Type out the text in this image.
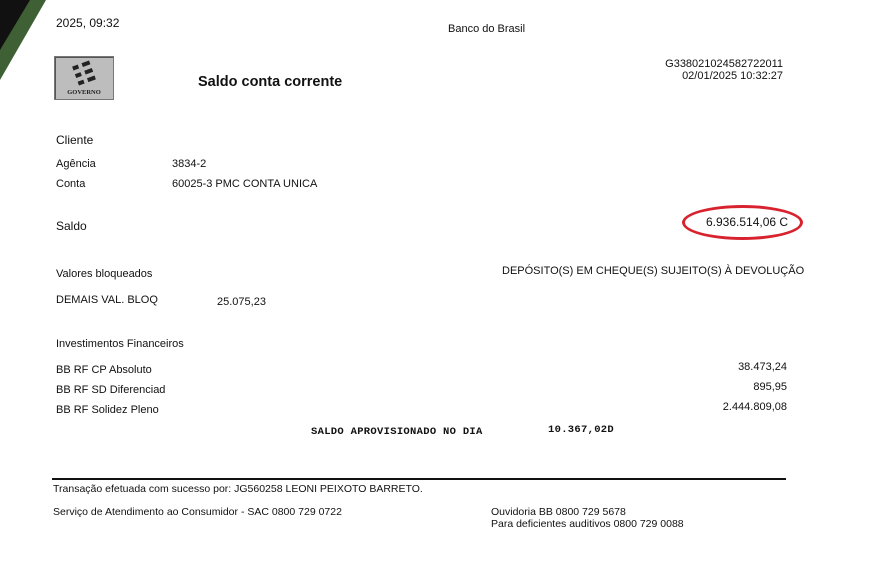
2025, 09:32	Banco do Brasil
GOVERNO
Saldo conta corrente
G338021024582722011
02/01/2025 10:32:27
Cliente
Agência	3834-2
Conta	60025-3 PMC CONTA UNICA
Saldo	6.936.514,06 C
Valores bloqueados	DEPÓSITO(S) EM CHEQUE(S) SUJEITO(S) À DEVOLUÇÃO
DEMAIS VAL. BLOQ	25.075,23
Investimentos Financeiros
BB RF CP Absoluto	38.473,24
BB RF SD Diferenciad	895,95
BB RF Solidez Pleno	2.444.809,08
SALDO APROVISIONADO NO DIA	10.367,02D
Transação efetuada com sucesso por: JG560258 LEONI PEIXOTO BARRETO.
Serviço de Atendimento ao Consumidor - SAC 0800 729 0722	Ouvidoria BB 0800 729 5678
Para deficientes auditivos 0800 729 0088
